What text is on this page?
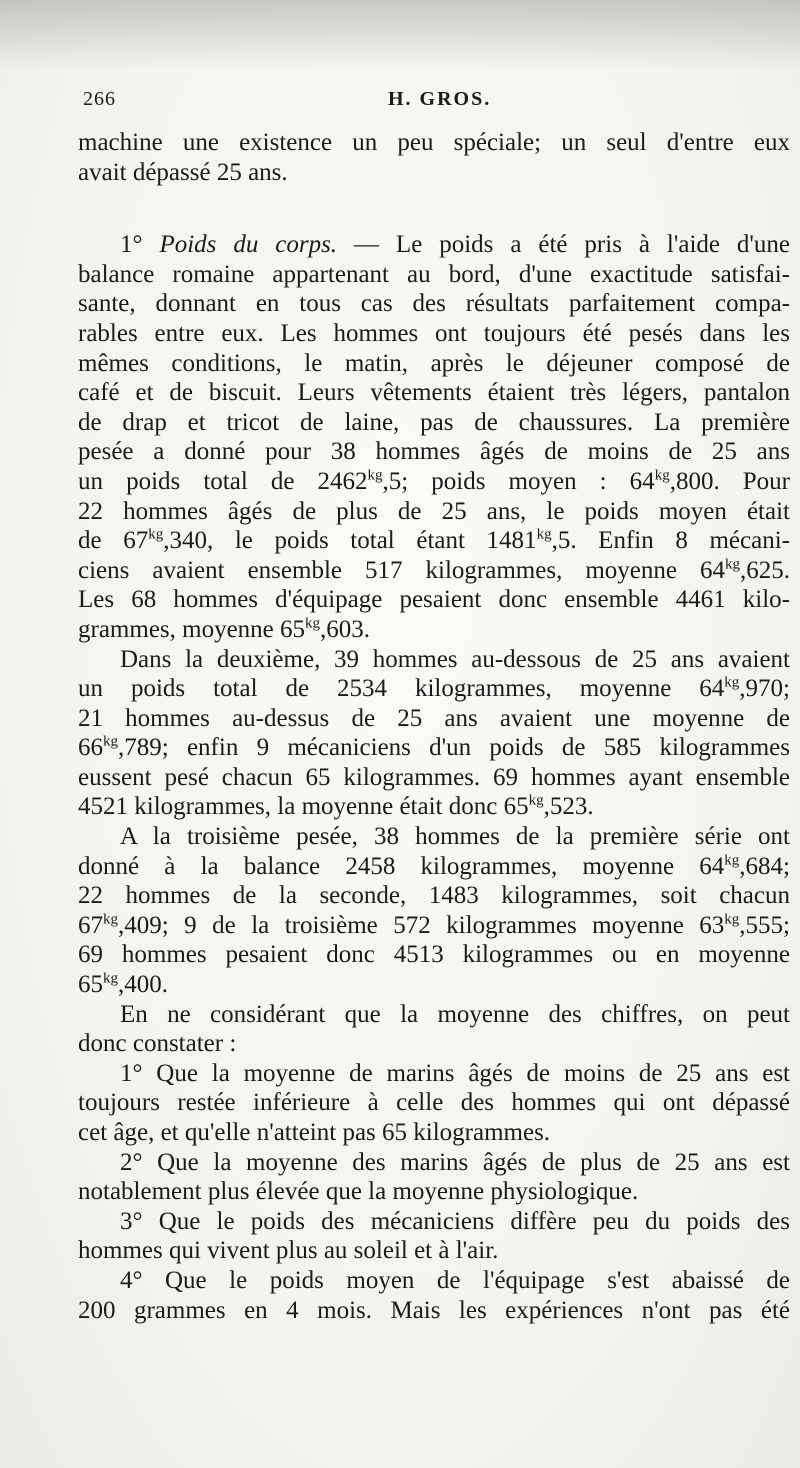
266	H. GROS.
machine une existence un peu spéciale; un seul d'entre eux
avait dépassé 25 ans.
1° Poids du corps. — Le poids a été pris à l'aide d'une
balance romaine appartenant au bord, d'une exactitude satisfai-
sante, donnant en tous cas des résultats parfaitement compa-
rables entre eux. Les hommes ont toujours été pesés dans les
mêmes conditions, le matin, après le déjeuner composé de
café et de biscuit. Leurs vêtements étaient très légers, pantalon
de drap et tricot de laine, pas de chaussures. La première
pesée a donné pour 38 hommes âgés de moins de 25 ans
un poids total de $2462^{kg},5$; poids moyen : $64^{kg},800$. Pour
22 hommes âgés de plus de 25 ans, le poids moyen était
de $67^{kg},340$, le poids total étant $1481^{kg},5$. Enfin 8 mécani-
ciens avaient ensemble 517 kilogrammes, moyenne $64^{kg},625$.
Les 68 hommes d'équipage pesaient donc ensemble 4461 kilo-
grammes, moyenne $65^{kg},603$.
Dans la deuxième, 39 hommes au-dessous de 25 ans avaient
un poids total de 2534 kilogrammes, moyenne $64^{kg},970$;
21 hommes au-dessus de 25 ans avaient une moyenne de
$66^{kg},789$; enfin 9 mécaniciens d'un poids de 585 kilogrammes
eussent pesé chacun 65 kilogrammes. 69 hommes ayant ensemble
4521 kilogrammes, la moyenne était donc $65^{kg},523$.
A la troisième pesée, 38 hommes de la première série ont
donné à la balance 2458 kilogrammes, moyenne $64^{kg},684$;
22 hommes de la seconde, 1483 kilogrammes, soit chacun
$67^{kg},409$; 9 de la troisième 572 kilogrammes moyenne $63^{kg},555$;
69 hommes pesaient donc 4513 kilogrammes ou en moyenne
$65^{kg},400$.
En ne considérant que la moyenne des chiffres, on peut
donc constater :
1° Que la moyenne de marins âgés de moins de 25 ans est
toujours restée inférieure à celle des hommes qui ont dépassé
cet âge, et qu'elle n'atteint pas 65 kilogrammes.
2° Que la moyenne des marins âgés de plus de 25 ans est
notablement plus élevée que la moyenne physiologique.
3° Que le poids des mécaniciens diffère peu du poids des
hommes qui vivent plus au soleil et à l'air.
4° Que le poids moyen de l'équipage s'est abaissé de
200 grammes en 4 mois. Mais les expériences n'ont pas été
